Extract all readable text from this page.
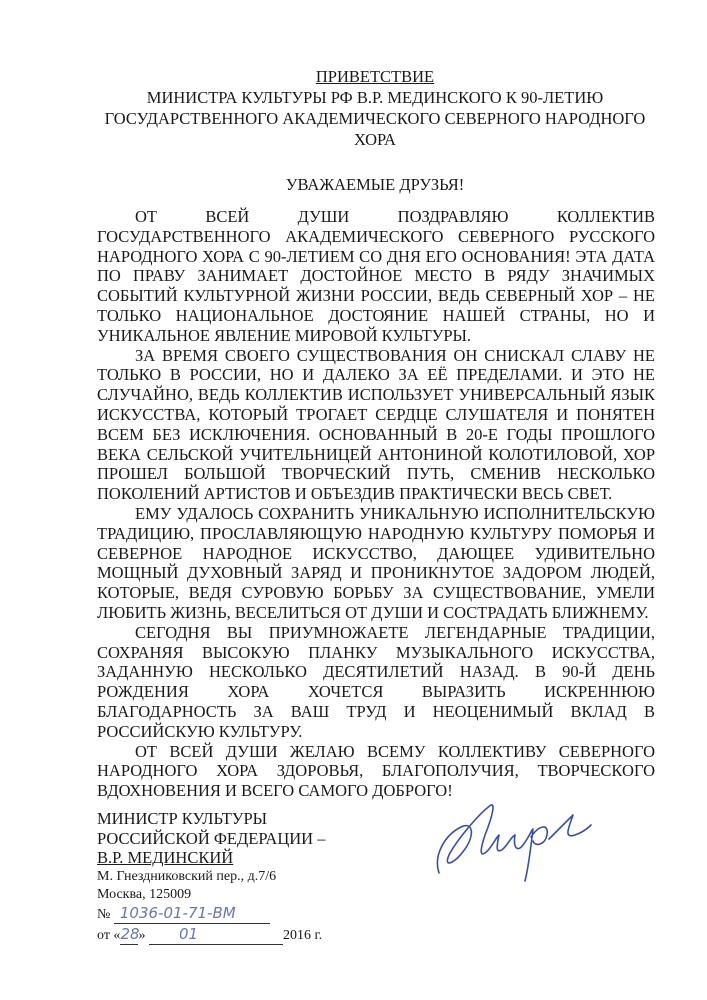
ПРИВЕТСТВИЕ
МИНИСТРА КУЛЬТУРЫ РФ В.Р. МЕДИНСКОГО К 90-ЛЕТИЮ
ГОСУДАРСТВЕННОГО АКАДЕМИЧЕСКОГО СЕВЕРНОГО НАРОДНОГО
ХОРА
УВАЖАЕМЫЕ ДРУЗЬЯ!

ОТ ВСЕЙ ДУШИ ПОЗДРАВЛЯЮ КОЛЛЕКТИВ ГОСУДАРСТВЕННОГО АКАДЕМИЧЕСКОГО СЕВЕРНОГО РУССКОГО НАРОДНОГО ХОРА С 90-ЛЕТИЕМ СО ДНЯ ЕГО ОСНОВАНИЯ! ЭТА ДАТА ПО ПРАВУ ЗАНИМАЕТ ДОСТОЙНОЕ МЕСТО В РЯДУ ЗНАЧИМЫХ СОБЫТИЙ КУЛЬТУРНОЙ ЖИЗНИ РОССИИ, ВЕДЬ СЕВЕРНЫЙ ХОР – НЕ ТОЛЬКО НАЦИОНАЛЬНОЕ ДОСТОЯНИЕ НАШЕЙ СТРАНЫ, НО И УНИКАЛЬНОЕ ЯВЛЕНИЕ МИРОВОЙ КУЛЬТУРЫ.

ЗА ВРЕМЯ СВОЕГО СУЩЕСТВОВАНИЯ ОН СНИСКАЛ СЛАВУ НЕ ТОЛЬКО В РОССИИ, НО И ДАЛЕКО ЗА ЕЁ ПРЕДЕЛАМИ. И ЭТО НЕ СЛУЧАЙНО, ВЕДЬ КОЛЛЕКТИВ ИСПОЛЬЗУЕТ УНИВЕРСАЛЬНЫЙ ЯЗЫК ИСКУССТВА, КОТОРЫЙ ТРОГАЕТ СЕРДЦЕ СЛУШАТЕЛЯ И ПОНЯТЕН ВСЕМ БЕЗ ИСКЛЮЧЕНИЯ. ОСНОВАННЫЙ В 20-Е ГОДЫ ПРОШЛОГО ВЕКА СЕЛЬСКОЙ УЧИТЕЛЬНИЦЕЙ АНТОНИНОЙ КОЛОТИЛОВОЙ, ХОР ПРОШЕЛ БОЛЬШОЙ ТВОРЧЕСКИЙ ПУТЬ, СМЕНИВ НЕСКОЛЬКО ПОКОЛЕНИЙ АРТИСТОВ И ОБЪЕЗДИВ ПРАКТИЧЕСКИ ВЕСЬ СВЕТ.

ЕМУ УДАЛОСЬ СОХРАНИТЬ УНИКАЛЬНУЮ ИСПОЛНИТЕЛЬСКУЮ ТРАДИЦИЮ, ПРОСЛАВЛЯЮЩУЮ НАРОДНУЮ КУЛЬТУРУ ПОМОРЬЯ И СЕВЕРНОЕ НАРОДНОЕ ИСКУССТВО, ДАЮЩЕЕ УДИВИТЕЛЬНО МОЩНЫЙ ДУХОВНЫЙ ЗАРЯД И ПРОНИКНУТОЕ ЗАДОРОМ ЛЮДЕЙ, КОТОРЫЕ, ВЕДЯ СУРОВУЮ БОРЬБУ ЗА СУЩЕСТВОВАНИЕ, УМЕЛИ ЛЮБИТЬ ЖИЗНЬ, ВЕСЕЛИТЬСЯ ОТ ДУШИ И СОСТРАДАТЬ БЛИЖНЕМУ.

СЕГОДНЯ ВЫ ПРИУМНОЖАЕТЕ ЛЕГЕНДАРНЫЕ ТРАДИЦИИ, СОХРАНЯЯ ВЫСОКУЮ ПЛАНКУ МУЗЫКАЛЬНОГО ИСКУССТВА, ЗАДАННУЮ НЕСКОЛЬКО ДЕСЯТИЛЕТИЙ НАЗАД. В 90-Й ДЕНЬ РОЖДЕНИЯ ХОРА ХОЧЕТСЯ ВЫРАЗИТЬ ИСКРЕННЮЮ БЛАГОДАРНОСТЬ ЗА ВАШ ТРУД И НЕОЦЕНИМЫЙ ВКЛАД В РОССИЙСКУЮ КУЛЬТУРУ.

ОТ ВСЕЙ ДУШИ ЖЕЛАЮ ВСЕМУ КОЛЛЕКТИВУ СЕВЕРНОГО НАРОДНОГО ХОРА ЗДОРОВЬЯ, БЛАГОПОЛУЧИЯ, ТВОРЧЕСКОГО ВДОХНОВЕНИЯ И ВСЕГО САМОГО ДОБРОГО!

МИНИСТР КУЛЬТУРЫ
РОССИЙСКОЙ ФЕДЕРАЦИИ –
В.Р. МЕДИНСКИЙ
М. Гнездниковский пер., д.7/6
Москва, 125009
№ 1036-01-71-ВМ
от «28» 01	2016 г.
